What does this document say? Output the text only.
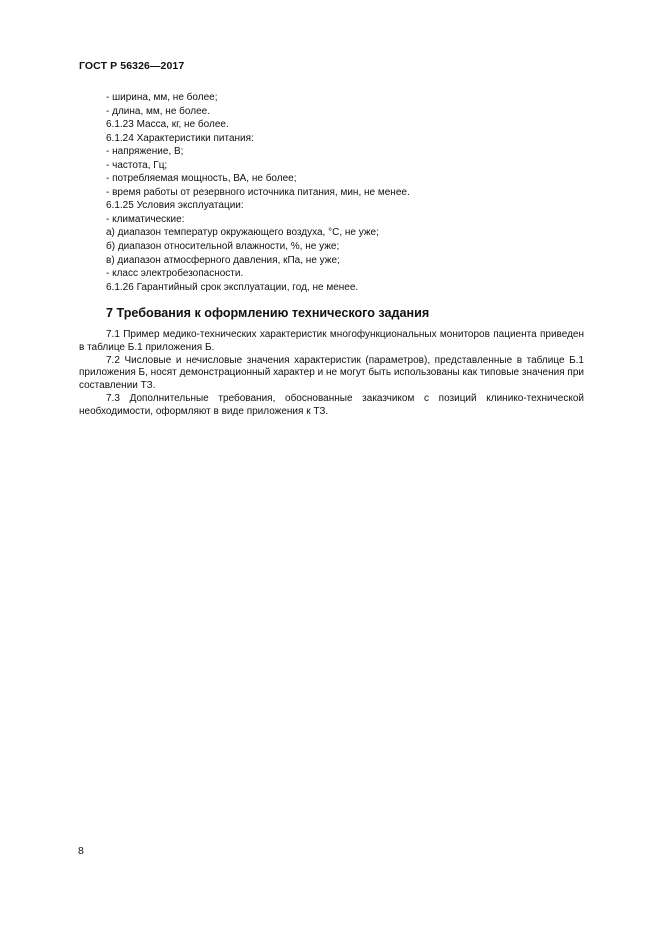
ГОСТ Р 56326—2017
- ширина, мм, не более;
- длина, мм, не более.
6.1.23 Масса, кг, не более.
6.1.24 Характеристики питания:
- напряжение, В;
- частота, Гц;
- потребляемая мощность, ВА, не более;
- время работы от резервного источника питания, мин, не менее.
6.1.25 Условия эксплуатации:
- климатические:
а) диапазон температур окружающего воздуха, °С, не уже;
б) диапазон относительной влажности, %, не уже;
в) диапазон атмосферного давления, кПа, не уже;
- класс электробезопасности.
6.1.26 Гарантийный срок эксплуатации, год, не менее.
7 Требования к оформлению технического задания

7.1 Пример медико-технических характеристик многофункциональных мониторов пациента приведен в таблице Б.1 приложения Б.

7.2 Числовые и нечисловые значения характеристик (параметров), представленные в таблице Б.1 приложения Б, носят демонстрационный характер и не могут быть использованы как типовые значения при составлении ТЗ.

7.3 Дополнительные требования, обоснованные заказчиком с позиций клинико-технической необходимости, оформляют в виде приложения к ТЗ.

8
